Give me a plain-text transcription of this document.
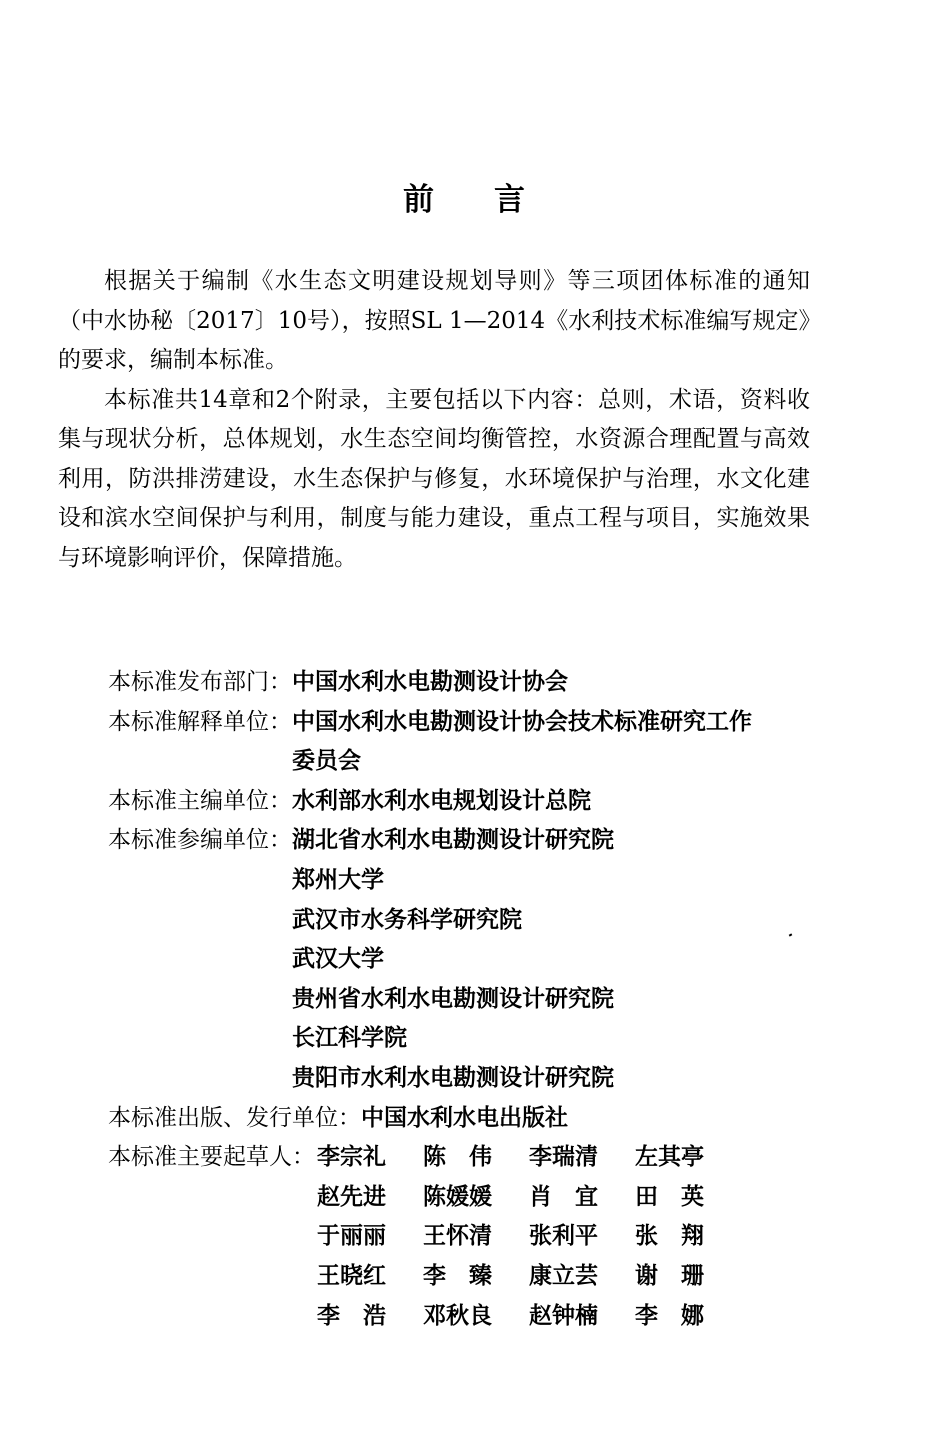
前言

根据关于编制《水生态文明建设规划导则》等三项团体标准的通知（中水协秘〔2017〕10号），按照SL 1—2014《水利技术标准编写规定》的要求，编制本标准。

本标准共14章和2个附录，主要包括以下内容：总则，术语，资料收集与现状分析，总体规划，水生态空间均衡管控，水资源合理配置与高效利用，防洪排涝建设，水生态保护与修复，水环境保护与治理，水文化建设和滨水空间保护与利用，制度与能力建设，重点工程与项目，实施效果与环境影响评价，保障措施。

本标准发布部门： 中国水利水电勘测设计协会
本标准解释单位： 中国水利水电勘测设计协会技术标准研究工作委员会
本标准主编单位： 水利部水利水电规划设计总院
本标准参编单位： 湖北省水利水电勘测设计研究院
郑州大学
武汉市水务科学研究院
武汉大学
贵州省水利水电勘测设计研究院
长江科学院
贵阳市水利水电勘测设计研究院
本标准出版、发行单位： 中国水利水电出版社
本标准主要起草人： 李宗礼	陈　伟	李瑞清	左其亭
赵先进	陈媛媛	肖　宜	田　英
于丽丽	王怀清	张利平	张　翔
王晓红	李　臻	康立芸	谢　珊
李　浩	邓秋良	赵钟楠	李　娜
